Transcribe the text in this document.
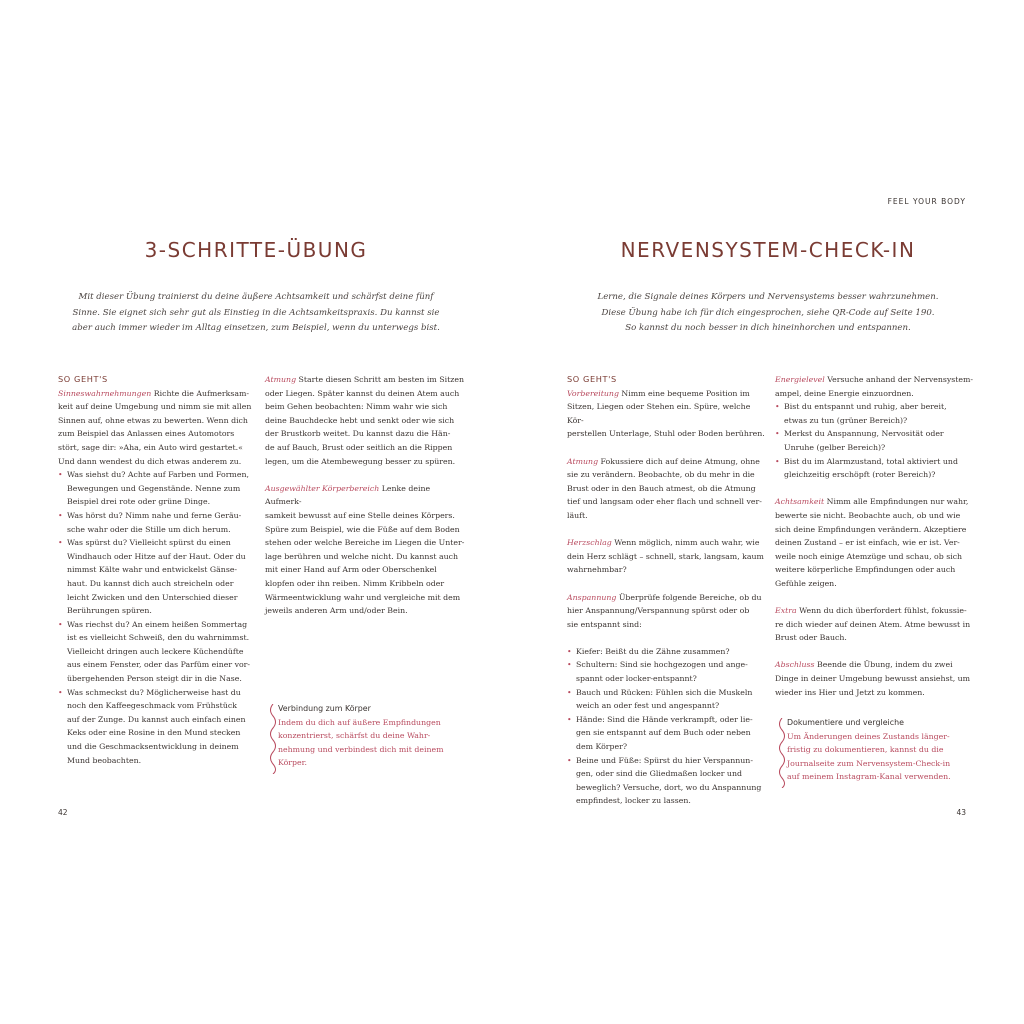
3-SCHRITTE-ÜBUNG
Mit dieser Übung trainierst du deine äußere Achtsamkeit und schärfst deine fünf
Sinne. Sie eignet sich sehr gut als Einstieg in die Achtsamkeitspraxis. Du kannst sie
aber auch immer wieder im Alltag einsetzen, zum Beispiel, wenn du unterwegs bist.
SO GEHT'S
Sinneswahrnehmungen Richte die Aufmerksam-
keit auf deine Umgebung und nimm sie mit allen
Sinnen auf, ohne etwas zu bewerten. Wenn dich
zum Beispiel das Anlassen eines Automotors
stört, sage dir: »Aha, ein Auto wird gestartet.«
Und dann wendest du dich etwas anderem zu.
• Was siehst du? Achte auf Farben und Formen,
Bewegungen und Gegenstände. Nenne zum
Beispiel drei rote oder grüne Dinge.
• Was hörst du? Nimm nahe und ferne Geräu-
sche wahr oder die Stille um dich herum.
• Was spürst du? Vielleicht spürst du einen
Windhauch oder Hitze auf der Haut. Oder du
nimmst Kälte wahr und entwickelst Gänse-
haut. Du kannst dich auch streicheln oder
leicht Zwicken und den Unterschied dieser
Berührungen spüren.
• Was riechst du? An einem heißen Sommertag
ist es vielleicht Schweiß, den du wahrnimmst.
Vielleicht dringen auch leckere Küchendüfte
aus einem Fenster, oder das Parfüm einer vor-
übergehenden Person steigt dir in die Nase.
• Was schmeckst du? Möglicherweise hast du
noch den Kaffeegeschmack vom Frühstück
auf der Zunge. Du kannst auch einfach einen
Keks oder eine Rosine in den Mund stecken
und die Geschmacksentwicklung in deinem
Mund beobachten.

Atmung Starte diesen Schritt am besten im Sitzen
oder Liegen. Später kannst du deinen Atem auch
beim Gehen beobachten: Nimm wahr wie sich
deine Bauchdecke hebt und senkt oder wie sich
der Brustkorb weitet. Du kannst dazu die Hän-
de auf Bauch, Brust oder seitlich an die Rippen
legen, um die Atembewegung besser zu spüren.

Ausgewählter Körperbereich Lenke deine Aufmerk-
samkeit bewusst auf eine Stelle deines Körpers.
Spüre zum Beispiel, wie die Füße auf dem Boden
stehen oder welche Bereiche im Liegen die Unter-
lage berühren und welche nicht. Du kannst auch
mit einer Hand auf Arm oder Oberschenkel
klopfen oder ihn reiben. Nimm Kribbeln oder
Wärmeentwicklung wahr und vergleiche mit dem
jeweils anderen Arm und/oder Bein.

Verbindung zum Körper
Indem du dich auf äußere Empfindungen
konzentrierst, schärfst du deine Wahr-
nehmung und verbindest dich mit deinem
Körper.
42
FEEL YOUR BODY
NERVENSYSTEM-CHECK-IN
Lerne, die Signale deines Körpers und Nervensystems besser wahrzunehmen.
Diese Übung habe ich für dich eingesprochen, siehe QR-Code auf Seite 190.
So kannst du noch besser in dich hineinhorchen und entspannen.
SO GEHT'S

Vorbereitung Nimm eine bequeme Position im
Sitzen, Liegen oder Stehen ein. Spüre, welche Kör-
perstellen Unterlage, Stuhl oder Boden berühren.

Atmung Fokussiere dich auf deine Atmung, ohne
sie zu verändern. Beobachte, ob du mehr in die
Brust oder in den Bauch atmest, ob die Atmung
tief und langsam oder eher flach und schnell ver-
läuft.

Herzschlag Wenn möglich, nimm auch wahr, wie
dein Herz schlägt – schnell, stark, langsam, kaum
wahrnehmbar?

Anspannung Überprüfe folgende Bereiche, ob du
hier Anspannung/Verspannung spürst oder ob
sie entspannt sind:

• Kiefer: Beißt du die Zähne zusammen?
• Schultern: Sind sie hochgezogen und ange-
spannt oder locker-entspannt?
• Bauch und Rücken: Fühlen sich die Muskeln
weich an oder fest und angespannt?
• Hände: Sind die Hände verkrampft, oder lie-
gen sie entspannt auf dem Buch oder neben
dem Körper?
• Beine und Füße: Spürst du hier Verspannun-
gen, oder sind die Gliedmaßen locker und
beweglich? Versuche, dort, wo du Anspannung
empfindest, locker zu lassen.
Energielevel Versuche anhand der Nervensystem-
ampel, deine Energie einzuordnen.
• Bist du entspannt und ruhig, aber bereit,
etwas zu tun (grüner Bereich)?
• Merkst du Anspannung, Nervosität oder
Unruhe (gelber Bereich)?
• Bist du im Alarmzustand, total aktiviert und
gleichzeitig erschöpft (roter Bereich)?

Achtsamkeit Nimm alle Empfindungen nur wahr,
bewerte sie nicht. Beobachte auch, ob und wie
sich deine Empfindungen verändern. Akzeptiere
deinen Zustand – er ist einfach, wie er ist. Ver-
weile noch einige Atemzüge und schau, ob sich
weitere körperliche Empfindungen oder auch
Gefühle zeigen.

Extra Wenn du dich überfordert fühlst, fokussie-
re dich wieder auf deinen Atem. Atme bewusst in
Brust oder Bauch.

Abschluss Beende die Übung, indem du zwei
Dinge in deiner Umgebung bewusst ansiehst, um
wieder ins Hier und Jetzt zu kommen.

Dokumentiere und vergleiche
Um Änderungen deines Zustands länger-
fristig zu dokumentieren, kannst du die
Journalseite zum Nervensystem-Check-in
auf meinem Instagram-Kanal verwenden.
43
